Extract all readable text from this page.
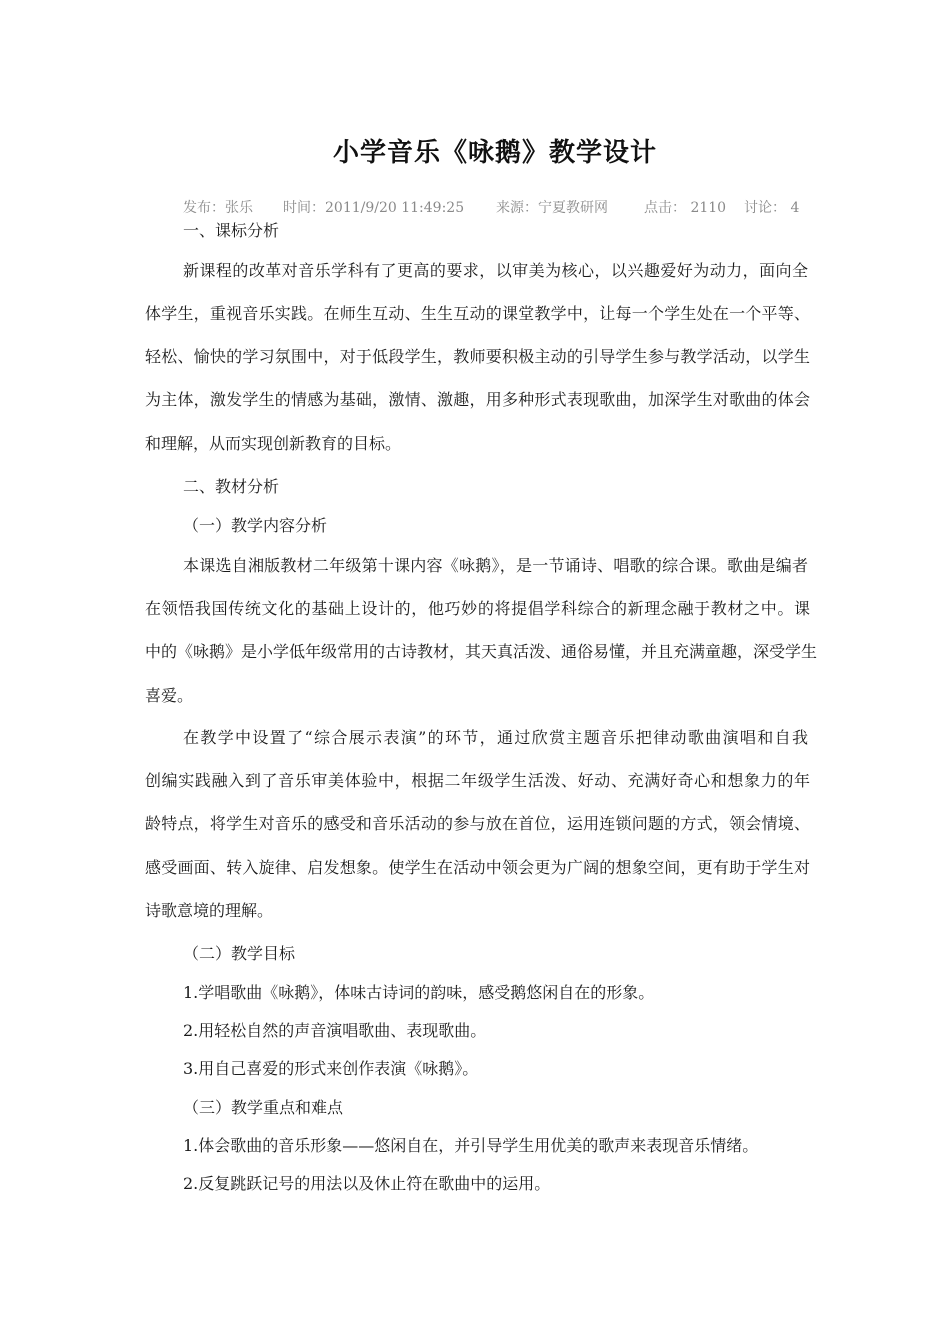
小学音乐《咏鹅》教学设计
发布：张乐 时间：2011/9/20 11:49:25 来源：宁夏教研网	点击： 2110 讨论： 4
一、课标分析
新课程的改革对音乐学科有了更高的要求，以审美为核心，以兴趣爱好为动力，面向全
体学生，重视音乐实践。在师生互动、生生互动的课堂教学中，让每一个学生处在一个平等、
轻松、愉快的学习氛围中，对于低段学生，教师要积极主动的引导学生参与教学活动，以学生
为主体，激发学生的情感为基础，激情、激趣，用多种形式表现歌曲，加深学生对歌曲的体会
和理解，从而实现创新教育的目标。
二、教材分析
（一）教学内容分析
本课选自湘版教材二年级第十课内容《咏鹅》，是一节诵诗、唱歌的综合课。歌曲是编者
在领悟我国传统文化的基础上设计的，他巧妙的将提倡学科综合的新理念融于教材之中。课
中的《咏鹅》是小学低年级常用的古诗教材，其天真活泼、通俗易懂，并且充满童趣，深受学生
喜爱。
在教学中设置了“综合展示表演”的环节，通过欣赏主题音乐把律动歌曲演唱和自我
创编实践融入到了音乐审美体验中，根据二年级学生活泼、好动、充满好奇心和想象力的年
龄特点，将学生对音乐的感受和音乐活动的参与放在首位，运用连锁问题的方式，领会情境、
感受画面、转入旋律、启发想象。使学生在活动中领会更为广阔的想象空间，更有助于学生对
诗歌意境的理解。
（二）教学目标
1.学唱歌曲《咏鹅》，体味古诗词的韵味，感受鹅悠闲自在的形象。
2.用轻松自然的声音演唱歌曲、表现歌曲。
3.用自己喜爱的形式来创作表演《咏鹅》。
（三）教学重点和难点
1.体会歌曲的音乐形象——悠闲自在，并引导学生用优美的歌声来表现音乐情绪。
2.反复跳跃记号的用法以及休止符在歌曲中的运用。
